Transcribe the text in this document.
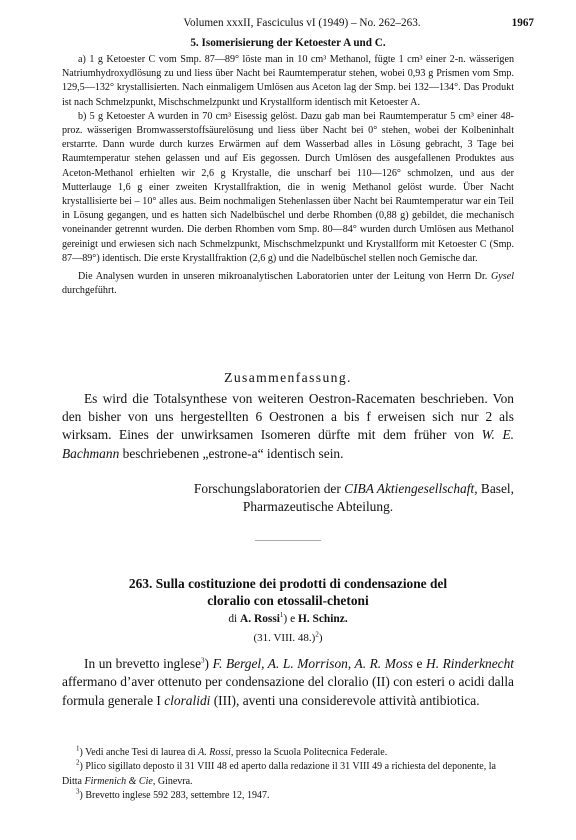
Volumen xxxII, Fasciculus vI (1949) – No. 262–263.	1967
5. Isomerisierung der Ketoester A und C.

a) 1 g Ketoester C vom Smp. 87—89° löste man in 10 cm³ Methanol, fügte 1 cm³ einer 2-n. wässerigen Natriumhydroxydlösung zu und liess über Nacht bei Raumtemperatur stehen, wobei 0,93 g Prismen vom Smp. 129,5—132° krystallisierten. Nach einmaligem Umlösen aus Aceton lag der Smp. bei 132—134°. Das Produkt ist nach Schmelzpunkt, Mischschmelzpunkt und Krystallform identisch mit Ketoester A.

b) 5 g Ketoester A wurden in 70 cm³ Eisessig gelöst. Dazu gab man bei Raumtemperatur 5 cm³ einer 48-proz. wässerigen Bromwasserstoffsäurelösung und liess über Nacht bei 0° stehen, wobei der Kolbeninhalt erstarrte. Dann wurde durch kurzes Erwärmen auf dem Wasserbad alles in Lösung gebracht, 3 Tage bei Raumtemperatur stehen gelassen und auf Eis gegossen. Durch Umlösen des ausgefallenen Produktes aus Aceton-Methanol erhielten wir 2,6 g Krystalle, die unscharf bei 110—126° schmolzen, und aus der Mutterlauge 1,6 g einer zweiten Krystallfraktion, die in wenig Methanol gelöst wurde. Über Nacht krystallisierte bei – 10° alles aus. Beim nochmaligen Stehenlassen über Nacht bei Raumtemperatur war ein Teil in Lösung gegangen, und es hatten sich Nadelbüschel und derbe Rhomben (0,88 g) gebildet, die mechanisch voneinander getrennt wurden. Die derben Rhomben vom Smp. 80—84° wurden durch Umlösen aus Methanol gereinigt und erwiesen sich nach Schmelzpunkt, Mischschmelzpunkt und Krystallform mit Ketoester C (Smp. 87—89°) identisch. Die erste Krystallfraktion (2,6 g) und die Nadelbüschel stellen noch Gemische dar.

Die Analysen wurden in unseren mikroanalytischen Laboratorien unter der Leitung von Herrn Dr. Gysel durchgeführt.

Zusammenfassung.

Es wird die Totalsynthese von weiteren Oestron-Racematen beschrieben. Von den bisher von uns hergestellten 6 Oestronen a bis f erweisen sich nur 2 als wirksam. Eines der unwirksamen Isomeren dürfte mit dem früher von W. E. Bachmann beschriebenen „estrone-a“ identisch sein.

Forschungslaboratorien der CIBA Aktiengesellschaft, Basel,
Pharmazeutische Abteilung.
263. Sulla costituzione dei prodotti di condensazione del
cloralio con etossalil-chetoni
di A. Rossi$^1$) e H. Schinz.
(31. VIII. 48.)$^2$)

In un brevetto inglese$^3$) F. Bergel, A. L. Morrison, A. R. Moss e H. Rinderknecht affermano d’aver ottenuto per condensazione del cloralio (II) con esteri o acidi dalla formula generale I cloralidi (III), aventi una considerevole attività antibiotica.

$^1$) Vedi anche Tesi di laurea di A. Rossi, presso la Scuola Politecnica Federale.
$^2$) Plico sigillato deposto il 31 VIII 48 ed aperto dalla redazione il 31 VIII 49 a richiesta del deponente, la Ditta Firmenich & Cie, Ginevra.
$^3$) Brevetto inglese 592 283, settembre 12, 1947.
